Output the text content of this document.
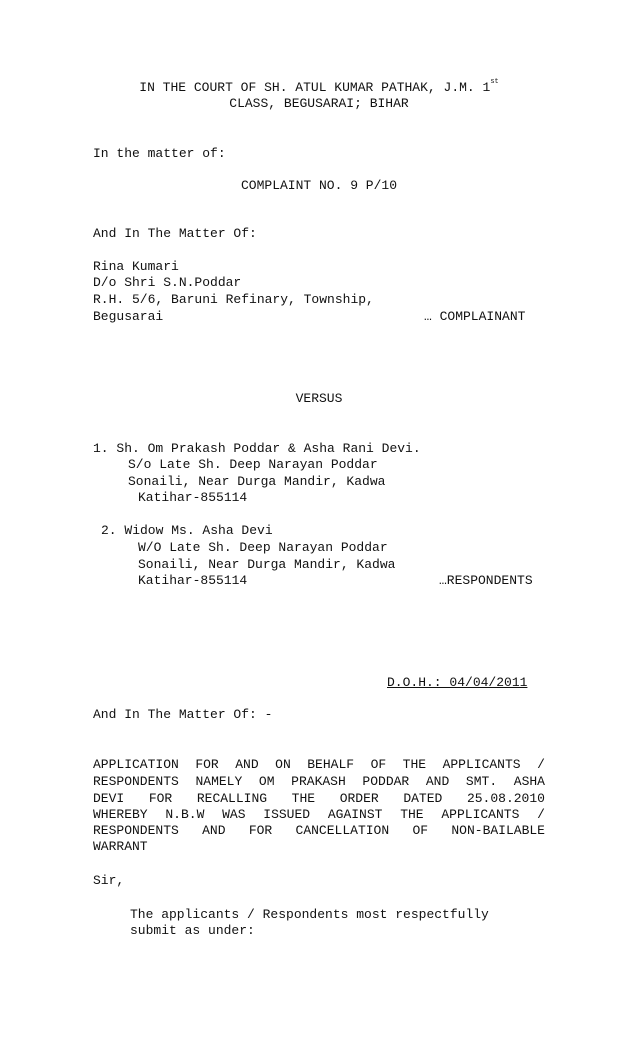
IN THE COURT OF SH. ATUL KUMAR PATHAK, J.M. 1st
CLASS, BEGUSARAI; BIHAR
In the matter of:
COMPLAINT NO. 9 P/10
And In The Matter Of:
Rina Kumari
D/o Shri S.N.Poddar
R.H. 5/6, Baruni Refinary, Township,
Begusarai	… COMPLAINANT
VERSUS
1. Sh. Om Prakash Poddar & Asha Rani Devi.
S/o Late Sh. Deep Narayan Poddar
Sonaili, Near Durga Mandir, Kadwa
Katihar-855114
2. Widow Ms. Asha Devi
W/O Late Sh. Deep Narayan Poddar
Sonaili, Near Durga Mandir, Kadwa
Katihar-855114	…RESPONDENTS
D.O.H.: 04/04/2011
And In The Matter Of: -
APPLICATION FOR AND ON BEHALF OF THE APPLICANTS /
RESPONDENTS NAMELY OM PRAKASH PODDAR AND SMT. ASHA
DEVI FOR RECALLING THE ORDER DATED 25.08.2010
WHEREBY N.B.W WAS ISSUED AGAINST THE APPLICANTS /
RESPONDENTS AND FOR CANCELLATION OF NON-BAILABLE
WARRANT
Sir,
The applicants / Respondents most respectfully
submit as under:
